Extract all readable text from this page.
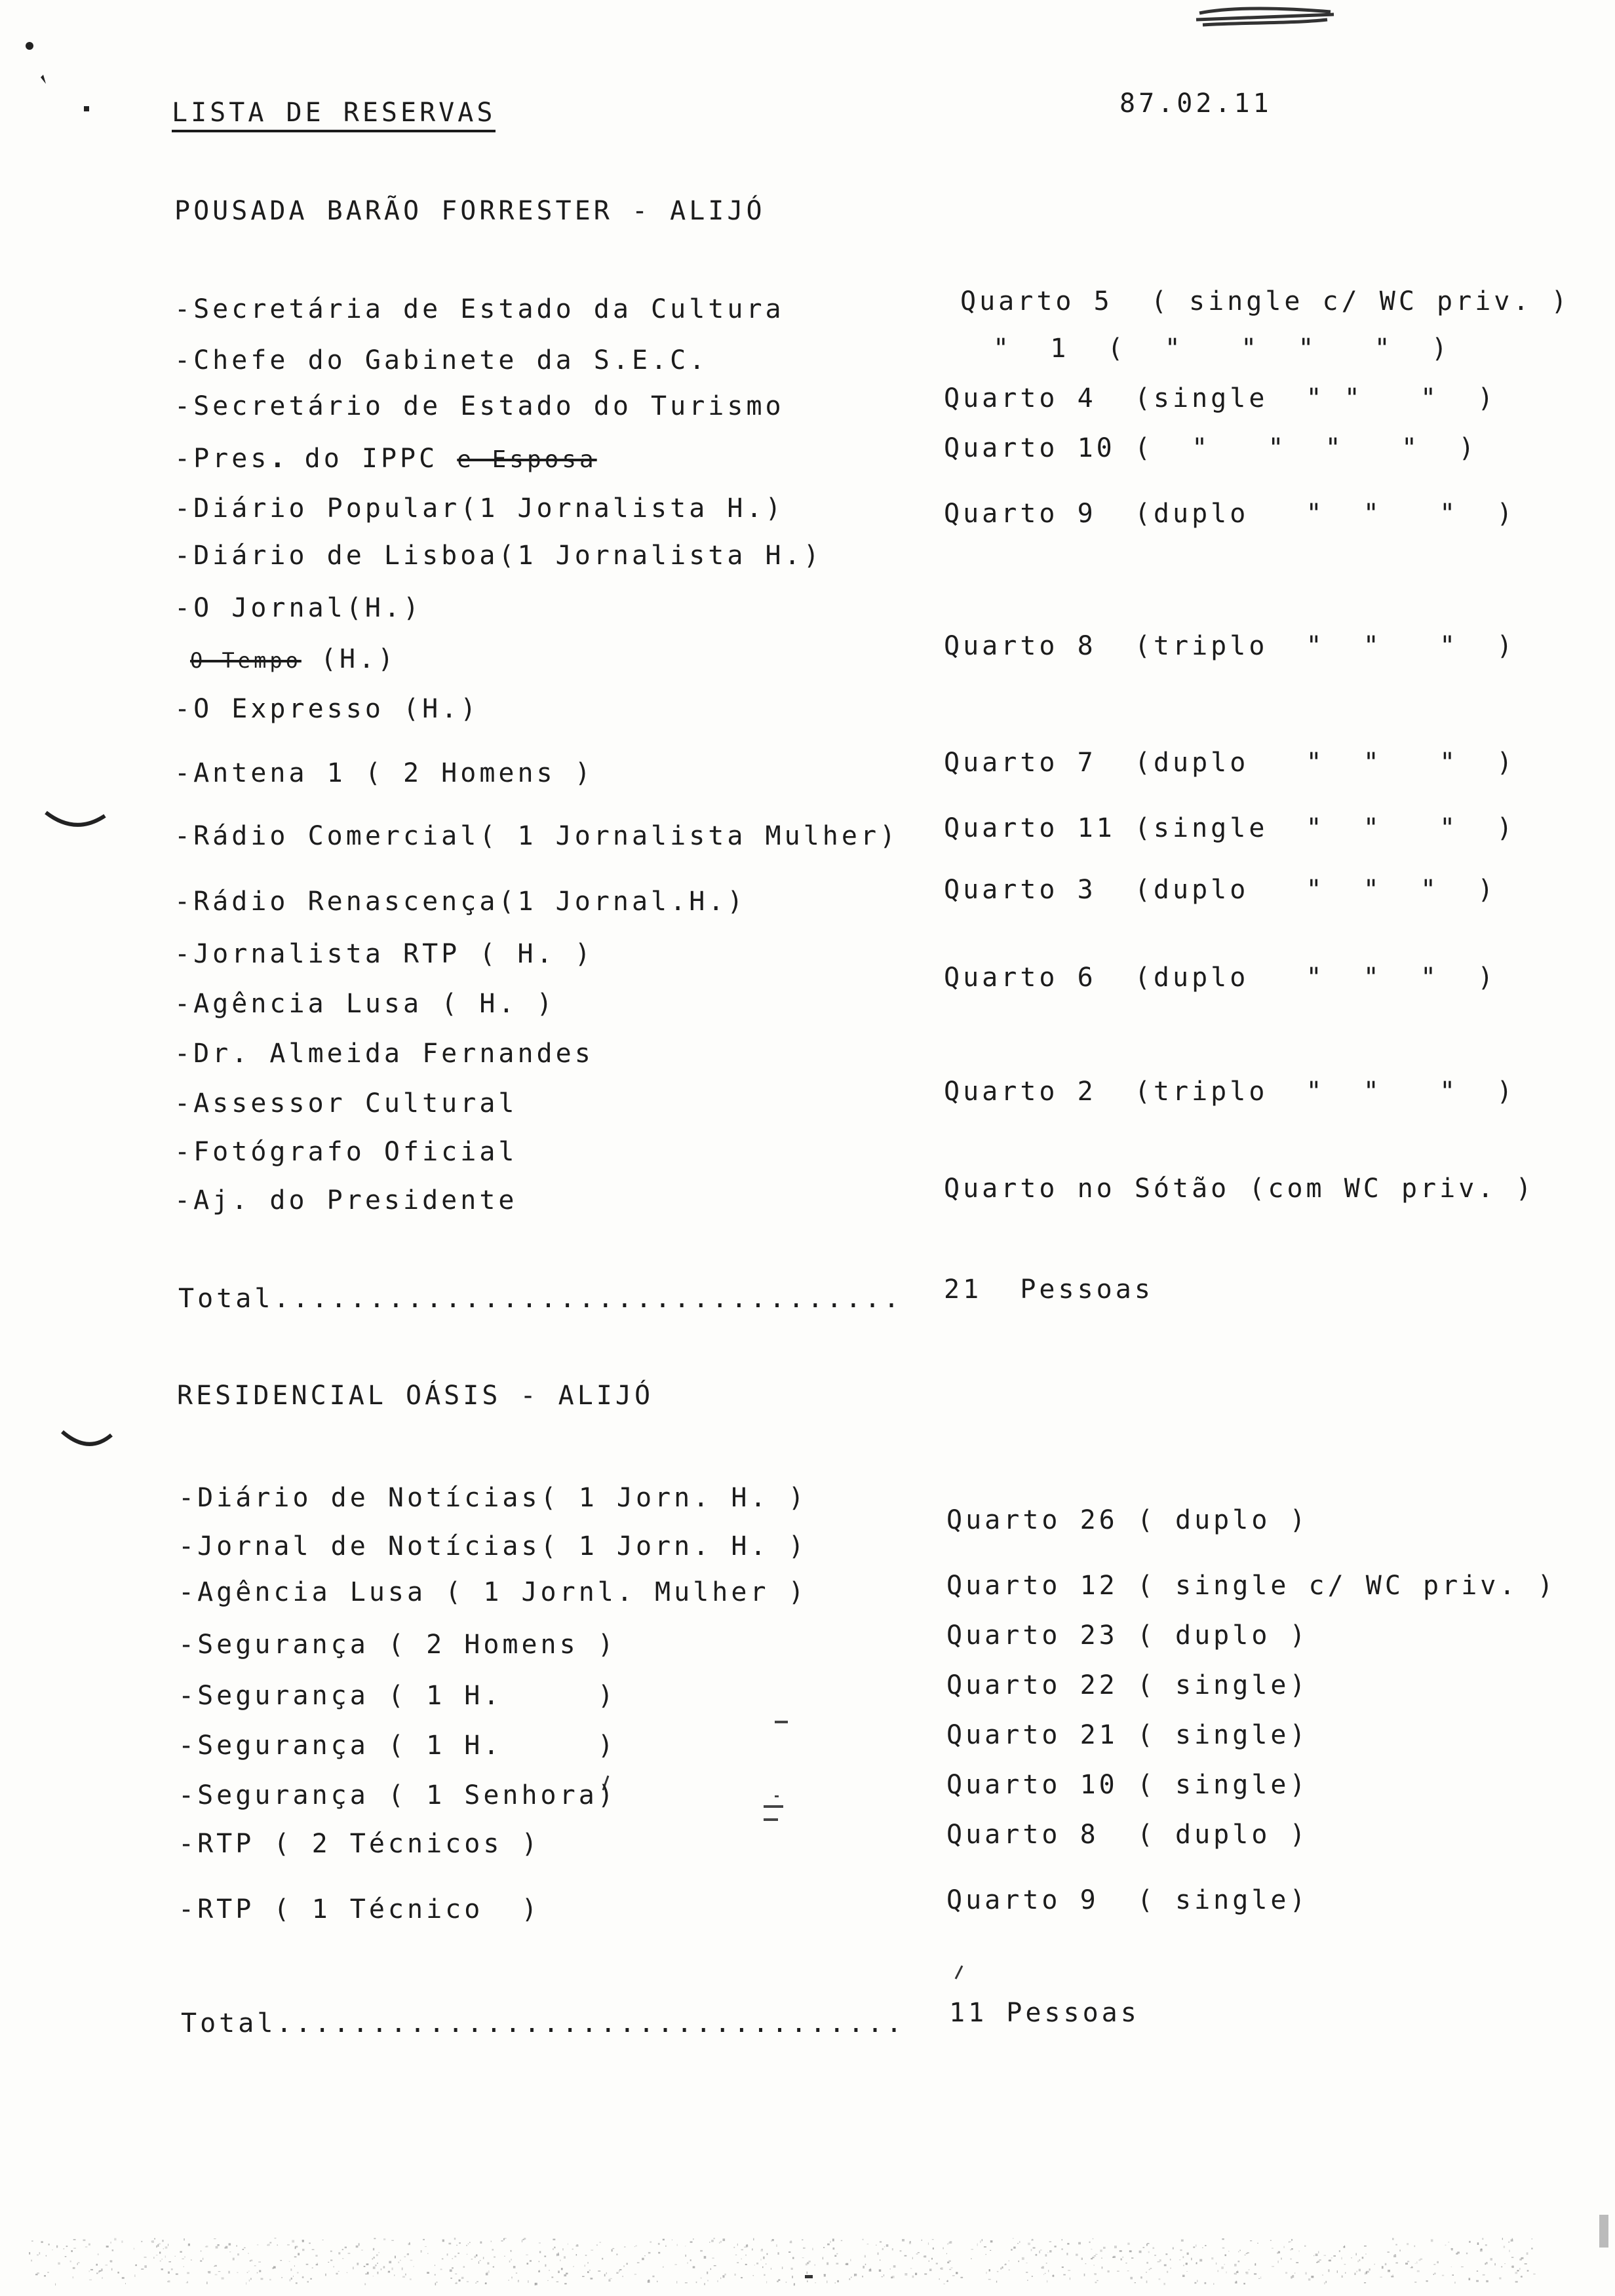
LISTA DE RESERVAS	87.02.11
POUSADA BARÃO FORRESTER - ALIJÓ
-Secretária de Estado da Cultura
-Chefe do Gabinete da S.E.C.
-Secretário de Estado do Turismo
-Pres. do IPPC e Esposa
-Diário Popular(1 Jornalista H.)
-Diário de Lisboa(1 Jornalista H.)
-O Jornal(H.)
O Tempo (H.)
-O Expresso (H.)
-Antena 1 ( 2 Homens )
-Rádio Comercial( 1 Jornalista Mulher)
-Rádio Renascença(1 Jornal.H.)
-Jornalista RTP ( H. )
-Agência Lusa ( H. )
-Dr. Almeida Fernandes
-Assessor Cultural
-Fotógrafo Oficial
-Aj. do Presidente
Quarto 5  ( single c/ WC priv. )
"  1  (  "   "  "   "  )
Quarto 4  (single  " "   "  )
Quarto 10 (  "   "  "   "  )
Quarto 9  (duplo   "  "   "  )
Quarto 8  (triplo  "  "   "  )
Quarto 7  (duplo   "  "   "  )
Quarto 11 (single  "  "   "  )
Quarto 3  (duplo   "  "  "  )
Quarto 6  (duplo   "  "  "  )
Quarto 2  (triplo  "  "   "  )
Quarto no Sótão (com WC priv. )
Total................................. 21  Pessoas
RESIDENCIAL OÁSIS - ALIJÓ
-Diário de Notícias( 1 Jorn. H. )
-Jornal de Notícias( 1 Jorn. H. )
-Agência Lusa ( 1 Jornl. Mulher )
-Segurança ( 2 Homens )
-Segurança ( 1 H.     )
-Segurança ( 1 H.     )
-Segurança ( 1 Senhora)
-RTP ( 2 Técnicos )
-RTP ( 1 Técnico  )
Quarto 26 ( duplo )
Quarto 12 ( single c/ WC priv. )
Quarto 23 ( duplo )
Quarto 22 ( single)
Quarto 21 ( single)
Quarto 10 ( single)
Quarto 8  ( duplo )
Quarto 9  ( single)
Total................................. 11 Pessoas
